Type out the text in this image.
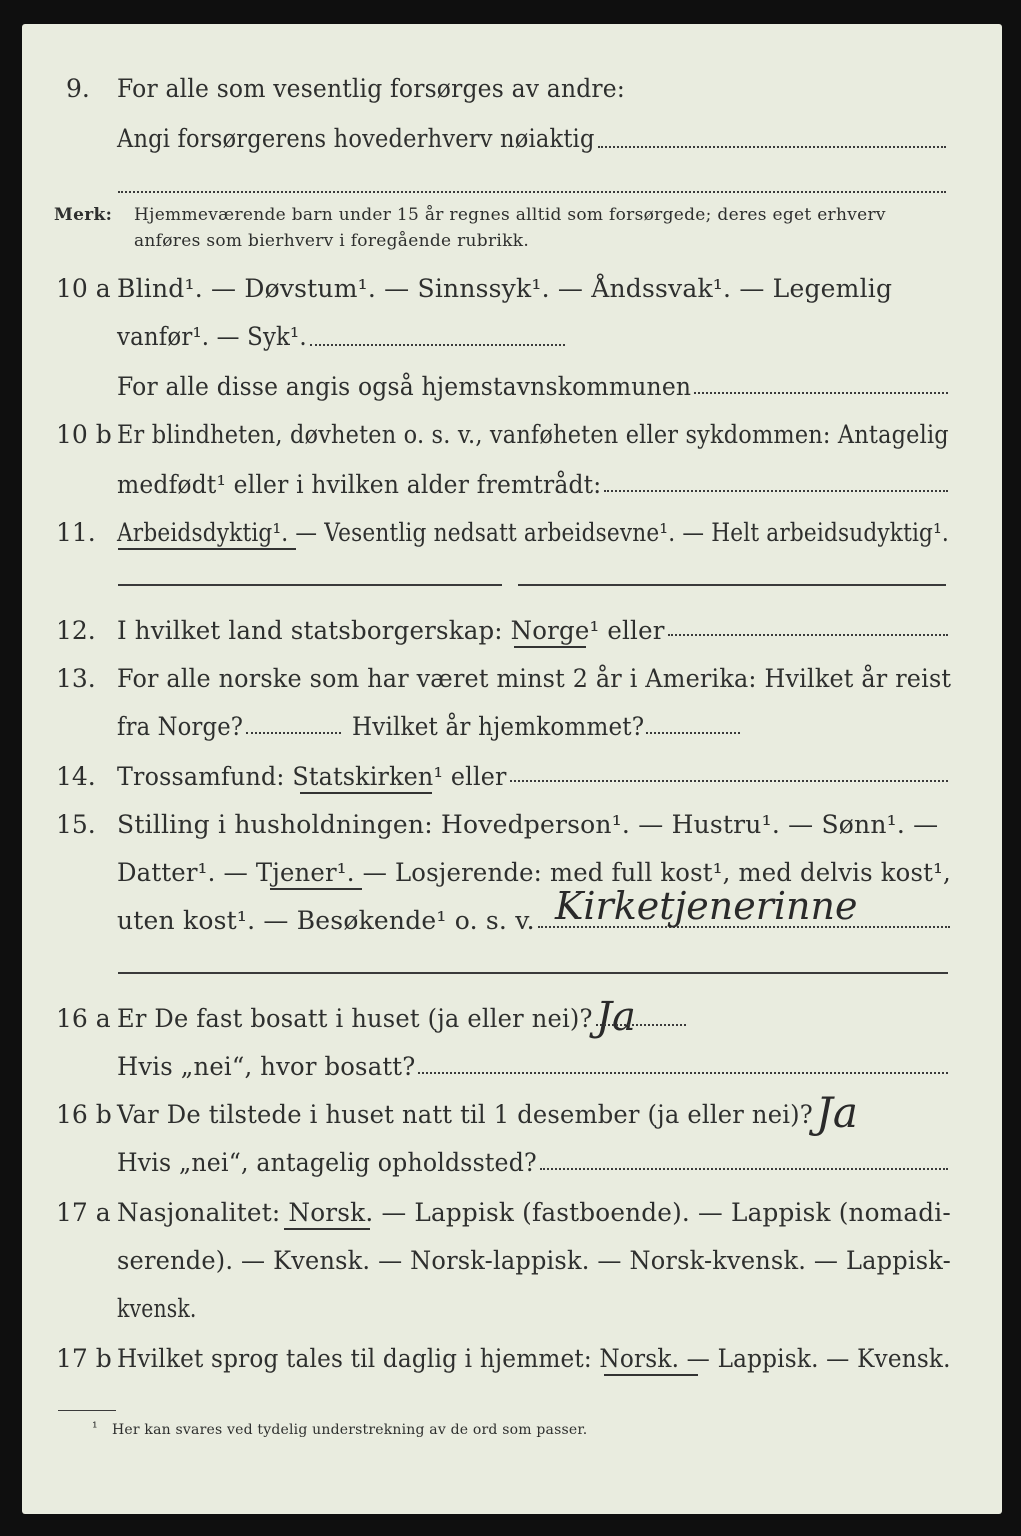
9. For alle som vesentlig forsørges av andre:
Angi forsørgerens hovederhverv nøiaktig
Merk: Hjemmeværende barn under 15 år regnes alltid som forsørgede; deres eget erhverv
anføres som bierhverv i foregående rubrikk.
10 a Blind¹. — Døvstum¹. — Sinnssyk¹. — Åndssvak¹. — Legemlig
vanfør¹. — Syk¹.
For alle disse angis også hjemstavnskommunen
10 b Er blindheten, døvheten o. s. v., vanføheten eller sykdommen: Antagelig
medfødt¹ eller i hvilken alder fremtrådt:
11. Arbeidsdyktig¹. — Vesentlig nedsatt arbeidsevne¹. — Helt arbeidsudyktig¹.
12. I hvilket land statsborgerskap: Norge¹ eller
13. For alle norske som har været minst 2 år i Amerika: Hvilket år reist
fra Norge?	Hvilket år hjemkommet?
14. Trossamfund: Statskirken¹ eller
15. Stilling i husholdningen: Hovedperson¹. — Hustru¹. — Sønn¹. —
Datter¹. — Tjener¹. — Losjerende: med full kost¹, med delvis kost¹,
uten kost¹. — Besøkende¹ o. s. v. Kirketjenerinne
16 a Er De fast bosatt i huset (ja eller nei)? Ja
Hvis „nei“, hvor bosatt?
16 b Var De tilstede i huset natt til 1 desember (ja eller nei)? Ja
Hvis „nei“, antagelig opholdssted?
17 a Nasjonalitet: Norsk. — Lappisk (fastboende). — Lappisk (nomadi-
serende). — Kvensk. — Norsk-lappisk. — Norsk-kvensk. — Lappisk-
kvensk.
17 b Hvilket sprog tales til daglig i hjemmet: Norsk. — Lappisk. — Kvensk.
¹ Her kan svares ved tydelig understrekning av de ord som passer.
